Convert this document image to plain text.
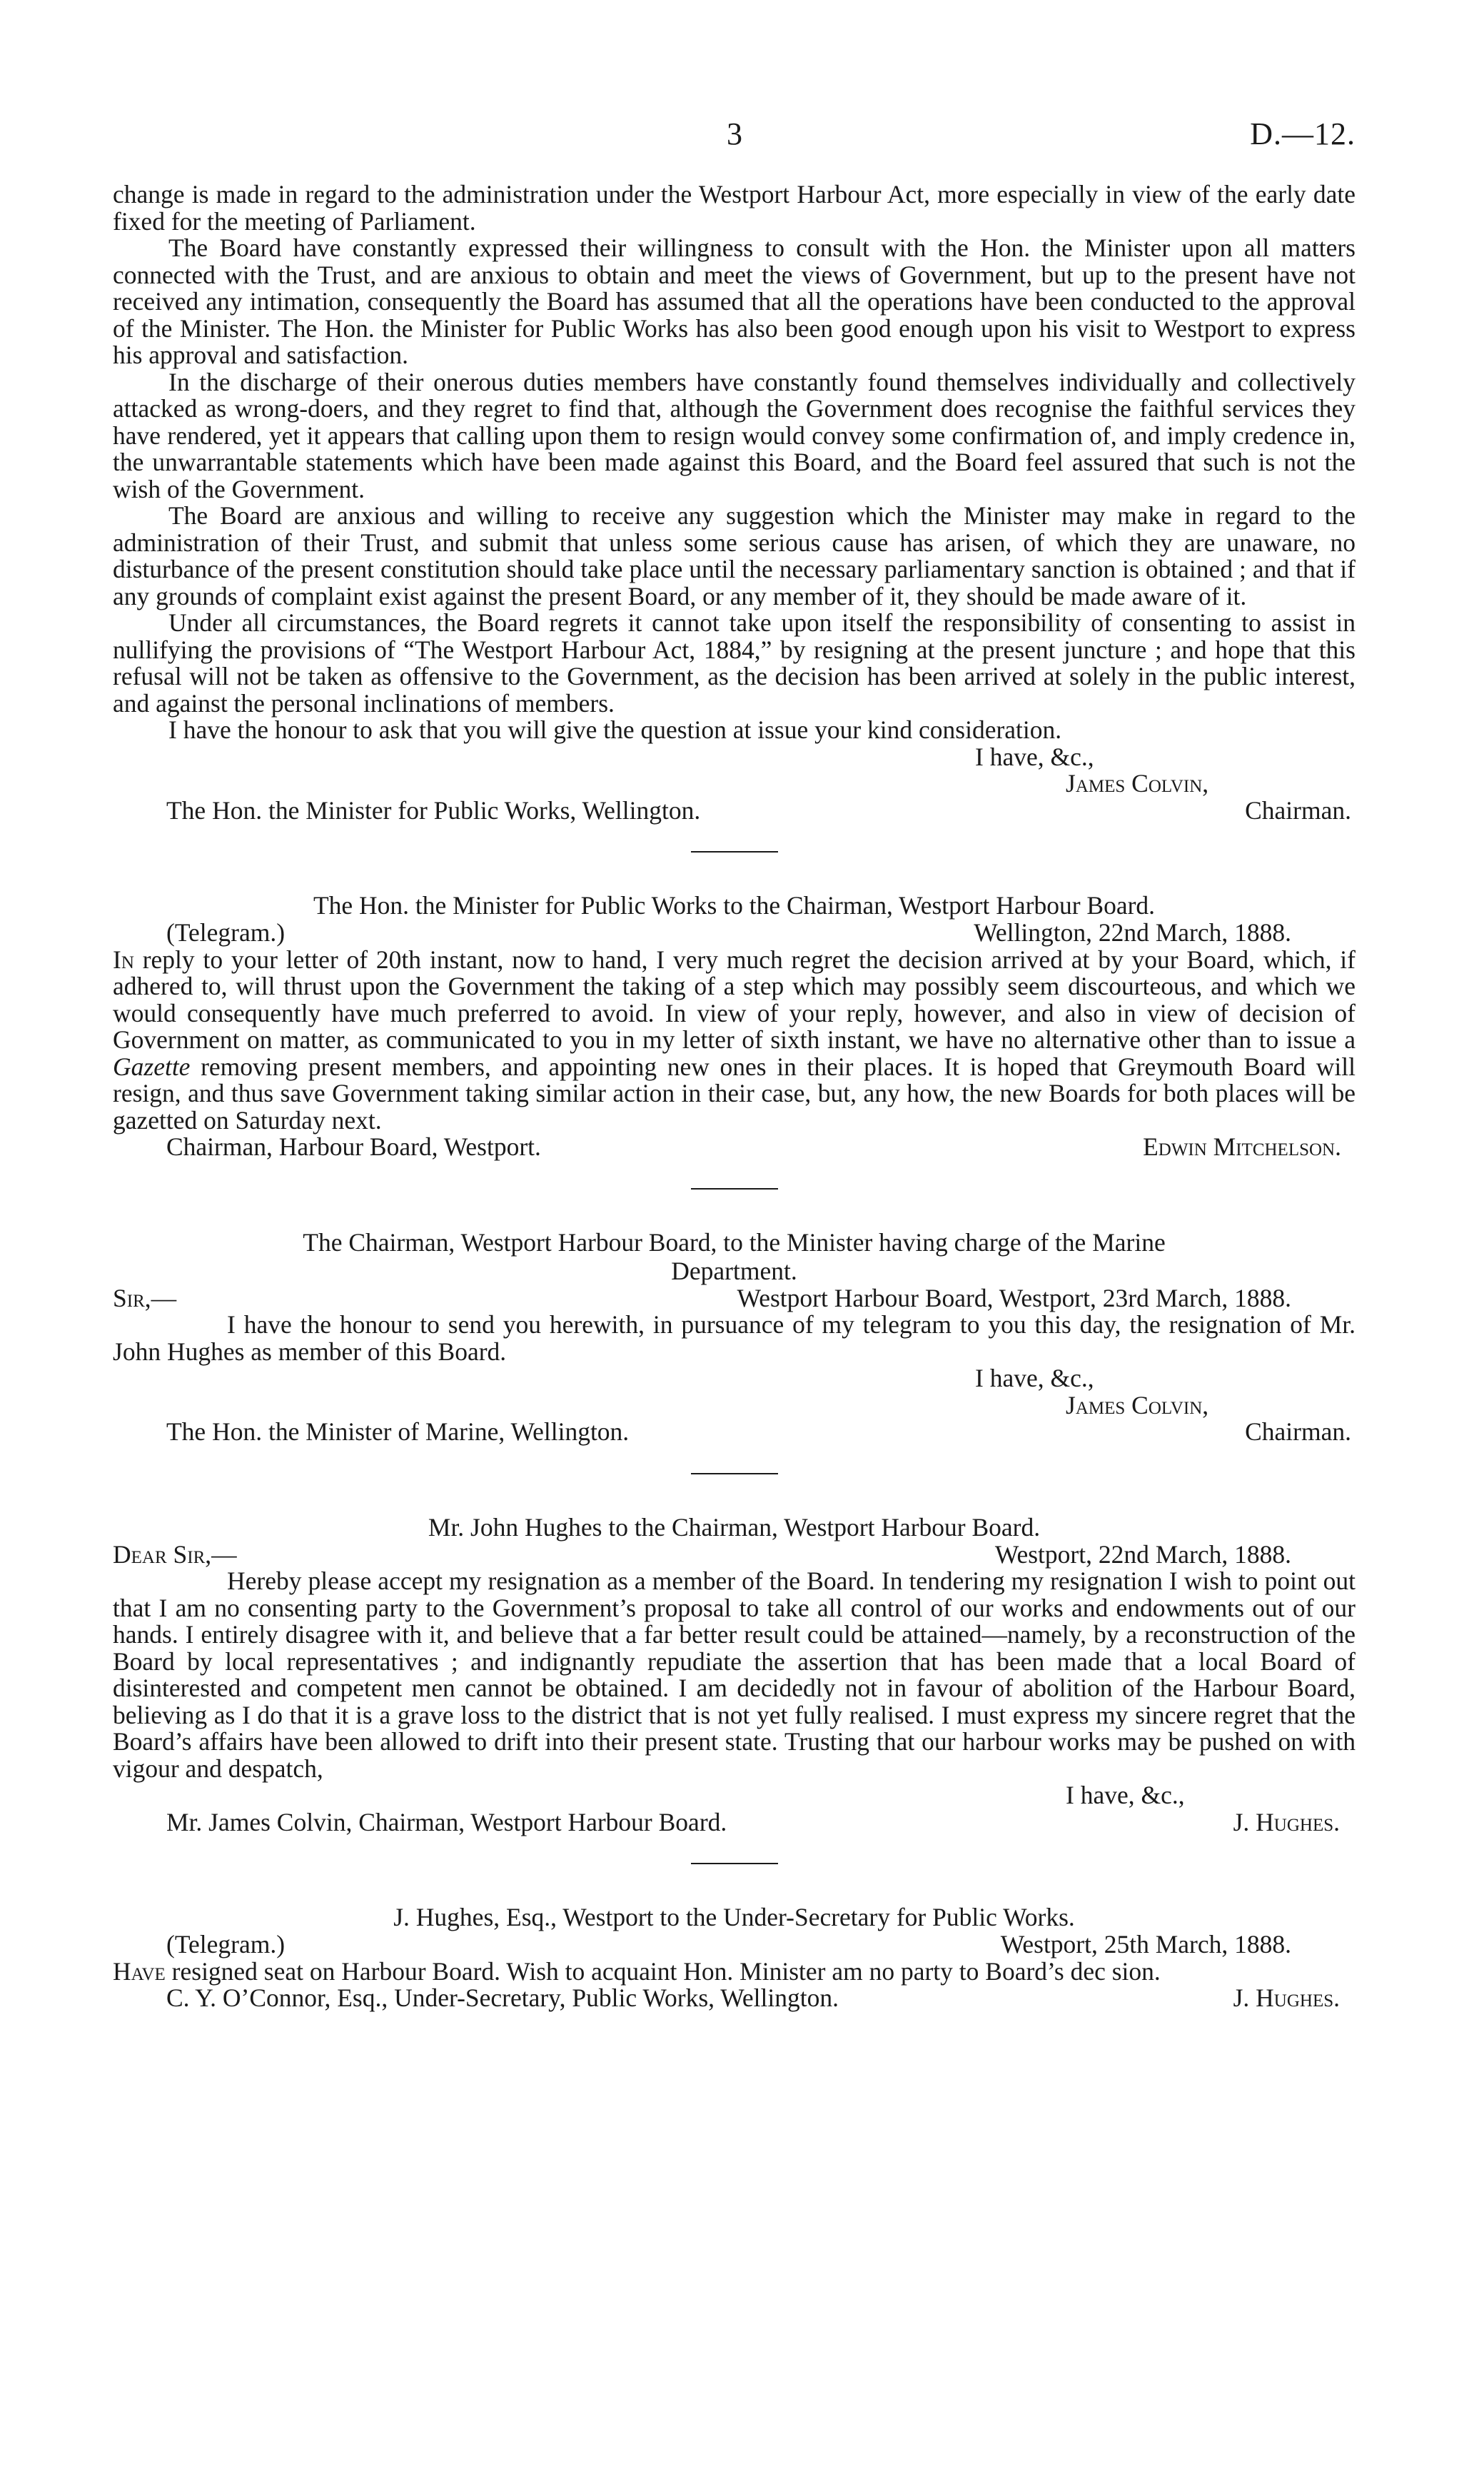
3	D.—12.

change is made in regard to the administration under the Westport Harbour Act, more especially in view of the early date fixed for the meeting of Parliament.

The Board have constantly expressed their willingness to consult with the Hon. the Minister upon all matters connected with the Trust, and are anxious to obtain and meet the views of Government, but up to the present have not received any intimation, consequently the Board has assumed that all the operations have been conducted to the approval of the Minister. The Hon. the Minister for Public Works has also been good enough upon his visit to Westport to express his approval and satisfaction.

In the discharge of their onerous duties members have constantly found themselves individually and collectively attacked as wrong-doers, and they regret to find that, although the Government does recognise the faithful services they have rendered, yet it appears that calling upon them to resign would convey some confirmation of, and imply credence in, the unwarrantable statements which have been made against this Board, and the Board feel assured that such is not the wish of the Government.

The Board are anxious and willing to receive any suggestion which the Minister may make in regard to the administration of their Trust, and submit that unless some serious cause has arisen, of which they are unaware, no disturbance of the present constitution should take place until the necessary parliamentary sanction is obtained ; and that if any grounds of complaint exist against the present Board, or any member of it, they should be made aware of it.

Under all circumstances, the Board regrets it cannot take upon itself the responsibility of consenting to assist in nullifying the provisions of “The Westport Harbour Act, 1884,” by resigning at the present juncture ; and hope that this refusal will not be taken as offensive to the Government, as the decision has been arrived at solely in the public interest, and against the personal inclinations of members.

I have the honour to ask that you will give the question at issue your kind consideration.

I have, &c.,
James Colvin,
The Hon. the Minister for Public Works, Wellington.	Chairman.
The Hon. the Minister for Public Works to the Chairman, Westport Harbour Board.
(Telegram.)	Wellington, 22nd March, 1888.

In reply to your letter of 20th instant, now to hand, I very much regret the decision arrived at by your Board, which, if adhered to, will thrust upon the Government the taking of a step which may possibly seem discourteous, and which we would consequently have much preferred to avoid. In view of your reply, however, and also in view of decision of Government on matter, as communicated to you in my letter of sixth instant, we have no alternative other than to issue a Gazette removing present members, and appointing new ones in their places. It is hoped that Greymouth Board will resign, and thus save Government taking similar action in their case, but, any how, the new Boards for both places will be gazetted on Saturday next.

Chairman, Harbour Board, Westport.	Edwin Mitchelson.
The Chairman, Westport Harbour Board, to the Minister having charge of the Marine
Department.
Sir,—	Westport Harbour Board, Westport, 23rd March, 1888.

I have the honour to send you herewith, in pursuance of my telegram to you this day, the resignation of Mr. John Hughes as member of this Board.

I have, &c.,
James Colvin,
The Hon. the Minister of Marine, Wellington.	Chairman.
Mr. John Hughes to the Chairman, Westport Harbour Board.
Dear Sir,—	Westport, 22nd March, 1888.

Hereby please accept my resignation as a member of the Board. In tendering my resignation I wish to point out that I am no consenting party to the Government’s proposal to take all control of our works and endowments out of our hands. I entirely disagree with it, and believe that a far better result could be attained—namely, by a reconstruction of the Board by local representatives ; and indignantly repudiate the assertion that has been made that a local Board of disinterested and competent men cannot be obtained. I am decidedly not in favour of abolition of the Harbour Board, believing as I do that it is a grave loss to the district that is not yet fully realised. I must express my sincere regret that the Board’s affairs have been allowed to drift into their present state. Trusting that our harbour works may be pushed on with vigour and despatch,

I have, &c.,
Mr. James Colvin, Chairman, Westport Harbour Board.	J. Hughes.
J. Hughes, Esq., Westport to the Under-Secretary for Public Works.
(Telegram.)	Westport, 25th March, 1888.

Have resigned seat on Harbour Board. Wish to acquaint Hon. Minister am no party to Board’s dec sion.

C. Y. O’Connor, Esq., Under-Secretary, Public Works, Wellington.	J. Hughes.
